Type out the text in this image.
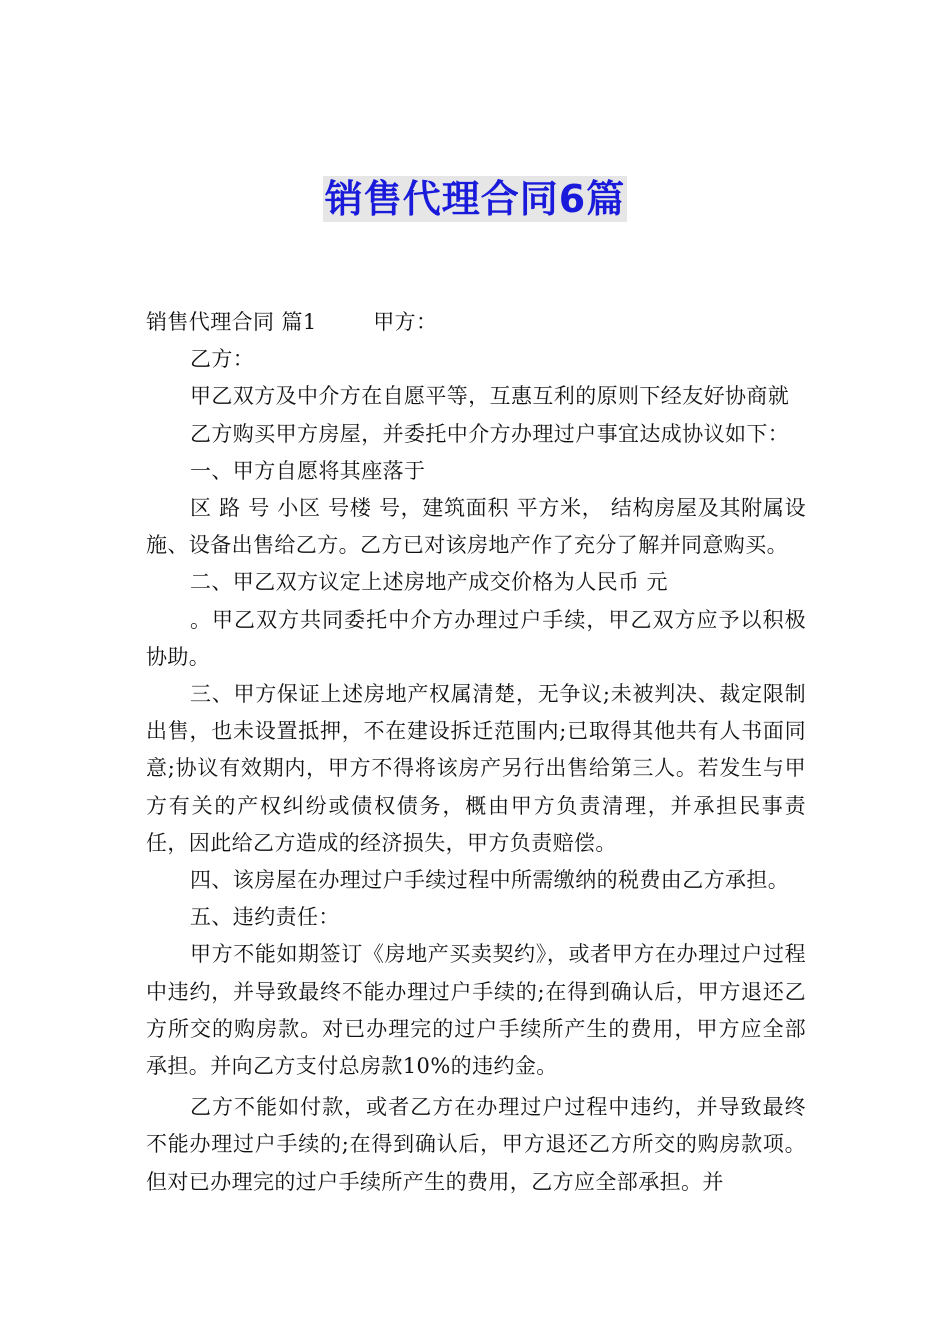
销售代理合同6篇

销售代理合同 篇1        甲方：

乙方：

甲乙双方及中介方在自愿平等，互惠互利的原则下经友好协商就

乙方购买甲方房屋，并委托中介方办理过户事宜达成协议如下：

一、甲方自愿将其座落于

区 路 号 小区 号楼 号，建筑面积 平方米， 结构房屋及其附属设施、设备出售给乙方。乙方已对该房地产作了充分了解并同意购买。

二、甲乙双方议定上述房地产成交价格为人民币 元

。甲乙双方共同委托中介方办理过户手续，甲乙双方应予以积极协助。

三、甲方保证上述房地产权属清楚，无争议;未被判决、裁定限制出售，也未设置抵押，不在建设拆迁范围内;已取得其他共有人书面同意;协议有效期内，甲方不得将该房产另行出售给第三人。若发生与甲方有关的产权纠纷或债权债务，概由甲方负责清理，并承担民事责任，因此给乙方造成的经济损失，甲方负责赔偿。

四、该房屋在办理过户手续过程中所需缴纳的税费由乙方承担。

五、违约责任：

甲方不能如期签订《房地产买卖契约》，或者甲方在办理过户过程中违约，并导致最终不能办理过户手续的;在得到确认后，甲方退还乙方所交的购房款。对已办理完的过户手续所产生的费用，甲方应全部承担。并向乙方支付总房款10%的违约金。

乙方不能如付款，或者乙方在办理过户过程中违约，并导致最终不能办理过户手续的;在得到确认后，甲方退还乙方所交的购房款项。但对已办理完的过户手续所产生的费用，乙方应全部承担。并
